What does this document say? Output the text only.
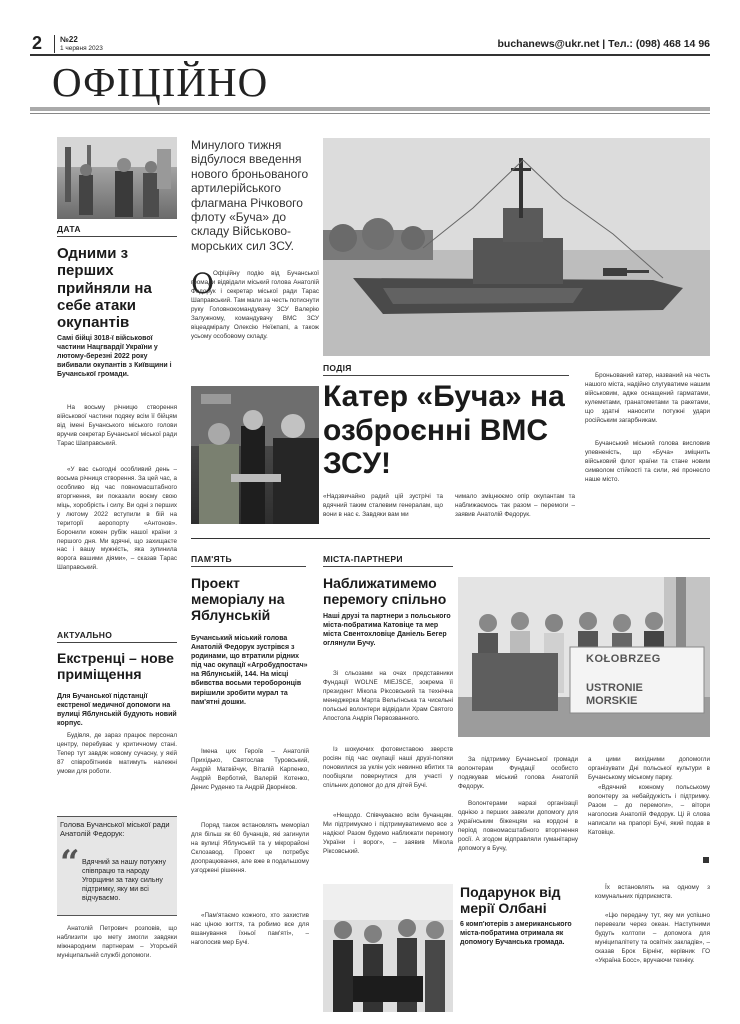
2 №22
1 червня 2023	buchanews@ukr.net | Тел.: (098) 468 14 96
ОФІЦІЙНО
ДАТА
Одними з перших прийняли на себе атаки окупантів
Самі бійці 3018-ї військової частини Нацгвардії України у лютому-березні 2022 року вибивали окупантів з Київщини і Бучанської громади.
На восьму річницю створення військової частини подяку всім її бійцям від імені Бучанського міського голови вручив секретар Бучанської міської ради Тарас Шаправський.
«У вас сьогодні особливий день – восьма річниця створення. За цей час, а особливо від час повномасштабного вторгнення, ви показали воєму свою міць, хоробрість і силу. Ви одні з перших у лютому 2022 вступили в бій на території аеропорту «Антонов». Боронили кожен рубіж нашої країни з першого дня. Ми вдячні, що захищаєте нас і вашу мужність, яка зупинила ворога вашими діями», – сказав Тарас Шаправський.
АКТУАЛЬНО
Екстренці – нове приміщення
Для Бучанської підстанції екстреної медичної допомоги на вулиці Яблунській будують новий корпус.
Будівля, де зараз працює персонал центру, перебуває у критичному стані. Тепер тут завдяк новому сучасну, у якій 87 співробітників матимуть належні умови для роботи.
Голова Бучанської міської ради Анатолій Федорук:
“ Вдячний за нашу потужну співпрацю та народу Угорщини за таку сильну підтримку, яку ми всі відчуваємо.
Анатолій Петрович розповів, що наблизити цю мету змогли завдяки міжнародним партнерам – Угорській муніципальній службі допомоги.
Минулого тижня відбулося введення нового броньованого артилерійського флагмана Річкового флоту «Буча» до складу Військово-морських сил ЗСУ.
О Офіційну подію від Бучанської громади відвідали міський голова Анатолій Федорук і секретар міської ради Тарас Шаправський. Там мали за честь потиснути руку Головнокомандувачу ЗСУ Валерію Залужному, командувачу ВМС ЗСУ віцеадміралу Олексію Неїжпапі, а також усьому особовому складу.
ПОДІЯ
Катер «Буча» на озброєнні ВМС ЗСУ!
«Надзвичайно радий цій зустрічі та вдячний таким сталевим генералам, що вони в нас є. Завдяки вам ми
чимало зміцнюємо опір окупантам та наближаємось так разом – перемоги – заявив Анатолій Федорук.
Броньований катер, названий на честь нашого міста, надійно слугуватиме нашим військовим, адже оснащений гарматами, кулеметами, гранатометами та ракетами, що здатні наносити потужні удари російським загарбникам.
Бучанський міський голова висловив упевненість, що «Буча» зміцнить військовий флот країни та стане новим символом стійкості та сили, які пронесло наше місто.
ПАМ'ЯТЬ
Проект меморіалу на Яблунській
Бучанський міський голова Анатолій Федорук зустрівся з родинами, що втратили рідних під час окупації «Агробудпостач» на Яблунській, 144. На місці вбивства восьми тероборонців вирішили зробити мурал та пам'ятні дошки.
Імена цих Героїв – Анатолій Прихідько, Святослав Туровський, Андрій Матвійчук, Віталій Карпенко, Андрій Верботий, Валерій Котенко, Денис Руденко та Андрій Дворніков.
Поряд також встановлять меморіал для більш як 60 бучанців, які загинули на вулиці Яблунській та у мікрорайоні Склозавод. Проект це потребує доопрацювання, але вже в подальшому узгоджені рішення.
«Пам'ятаємо кожного, хто захистив нас ціною життя, та робимо все для вшанування їхньої пам'яті», – наголосив мер Бучі.
МІСТА-ПАРТНЕРИ
Наближатимемо перемогу спільно
Наші друзі та партнери з польського міста-побратима Катовіце та мер міста Свентохловіце Даніель Бегер оглянули Бучу.
Зі сльозами на очах представники Фундації WOLNE MIEJSCE, зокрема її президент Мікола Ріксовський та технічна менеджерка Марта Вельгінська та чисельні польські волонтери відвідали Храм Святого Апостола Андрія Первозванного.
Із шокуючих фотовиставою зверств росіян під час окупації наші друзі-поляки поновилися за уклін усіх невинно вбитих та пообіцяли повернутися для участі у спільних допомог до для дітей Бучі.
«Нещодо. Співчуваємо всім бучанцям. Ми підтримуємо і підтримуватимемо все з надією! Разом будемо наближати перемогу України і ворог», – заявив Мікола Ріксовський.
KOŁOBRZEG
USTRONIE MORSKIE
За підтримку Бучанської громади волонтерам Фундації особисто подякував міський голова Анатолій Федорук.
Волонтерами наразі організації однією з перших завезли допомогу для українським біженцям на кордоні в період повномасштабного вторгнення росії. А згодом відправляли гуманітарну допомогу в Бучу,
а цими вихідними допомогли організувати Дні польської культури в Бучанському міському парку.
«Вдячний кожному польському волонтеру за небайдужість і підтримку. Разом – до перемоги», – вітори наголосив Анатолій Федорук. Ці й слова написали на прапорі Бучі, який подав в Катовіце.
Подарунок від мерії Олбані
6 комп'ютерів з американського міста-побратима отримала як допомогу Бучанська громада.
Їх встановлять на одному з комунальних підприємств.
«Цю передачу тут, яку ми успішно перевезли через океан. Наступними будуть колтопи – допомога для муніципалітету та освітніх закладів», – сказав Брок Бірнінг, керівник ГО «Україна Босс», вручаючи техніку.
